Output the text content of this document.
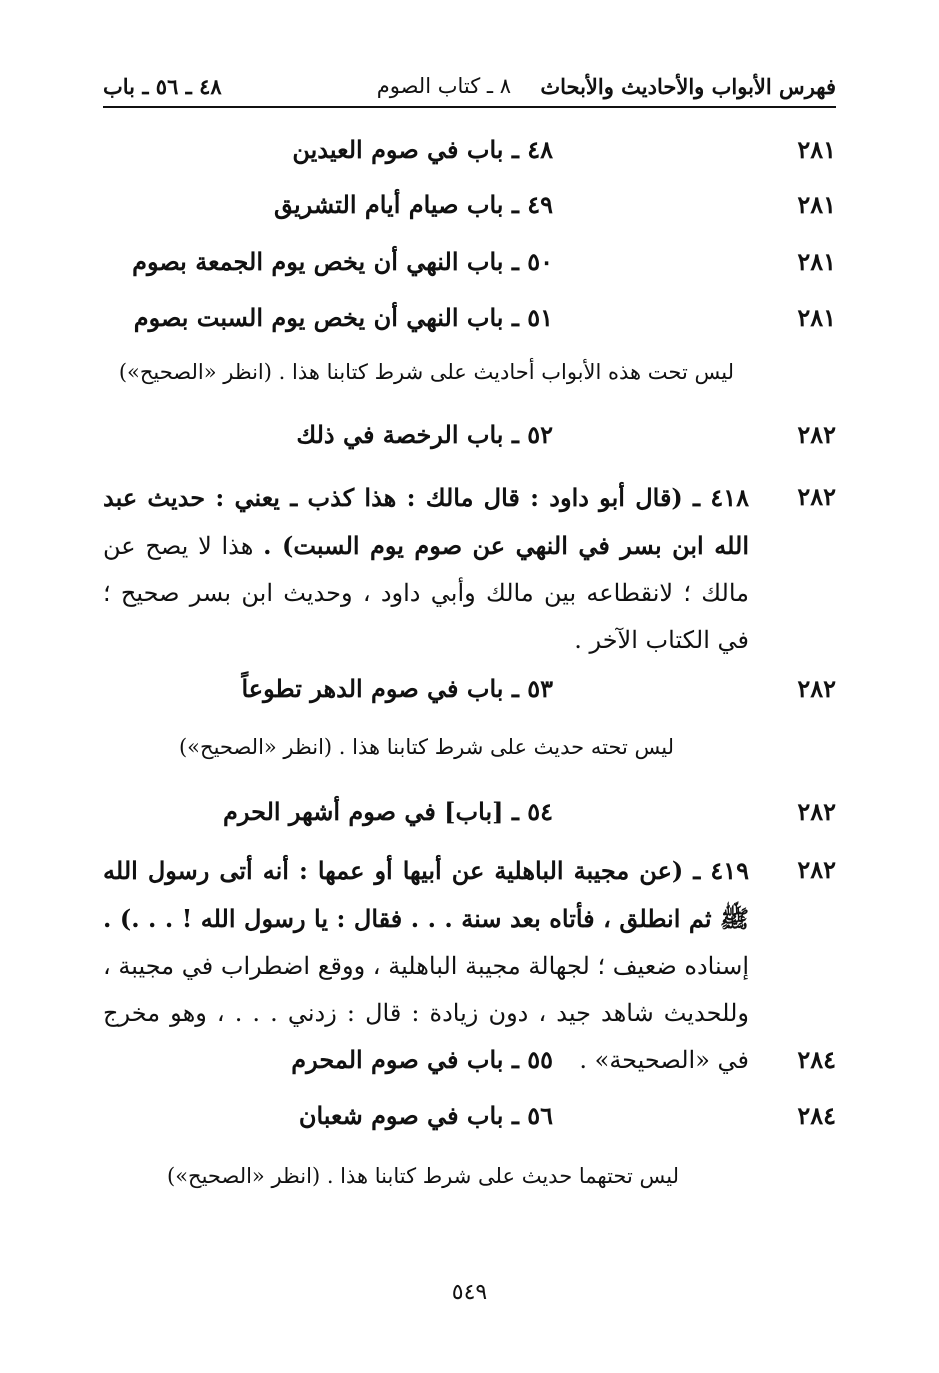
فهرس الأبواب والأحاديث والأبحاث
٨ ـ كتاب الصوم
٤٨ ـ ٥٦ ـ باب
٢٨١
٤٨ ـ باب في صوم العيدين
٢٨١
٤٩ ـ باب صيام أيام التشريق
٢٨١
٥٠ ـ باب النهي أن يخص يوم الجمعة بصوم
٢٨١
٥١ ـ باب النهي أن يخص يوم السبت بصوم
ليس تحت هذه الأبواب أحاديث على شرط كتابنا هذا . (انظر «الصحيح»)
٢٨٢
٥٢ ـ باب الرخصة في ذلك
٢٨٢
٤١٨ ـ (قال أبو داود : قال مالك : هذا كذب ـ يعني : حديث عبد الله ابن بسر في النهي عن صوم يوم السبت) . هذا لا يصح عن مالك ؛ لانقطاعه بين مالك وأبي داود ، وحديث ابن بسر صحيح ؛ في الكتاب الآخر .
٢٨٢
٥٣ ـ باب في صوم الدهر تطوعاً
ليس تحته حديث على شرط كتابنا هذا . (انظر «الصحيح»)
٢٨٢
٥٤ ـ [باب] في صوم أشهر الحرم
٢٨٢
٤١٩ ـ (عن مجيبة الباهلية عن أبيها أو عمها : أنه أتى رسول الله ﷺ ثم انطلق ، فأتاه بعد سنة . . . فقال : يا رسول الله ! . . .) . إسناده ضعيف ؛ لجهالة مجيبة الباهلية ، ووقع اضطراب في مجيبة ، وللحديث شاهد جيد ، دون زيادة : قال : زدني . . . ، وهو مخرج في «الصحيحة» .	٢٨٤
٥٥ ـ باب في صوم المحرم
٢٨٤
٥٦ ـ باب في صوم شعبان
ليس تحتهما حديث على شرط كتابنا هذا . (انظر «الصحيح»)
٥٤٩
